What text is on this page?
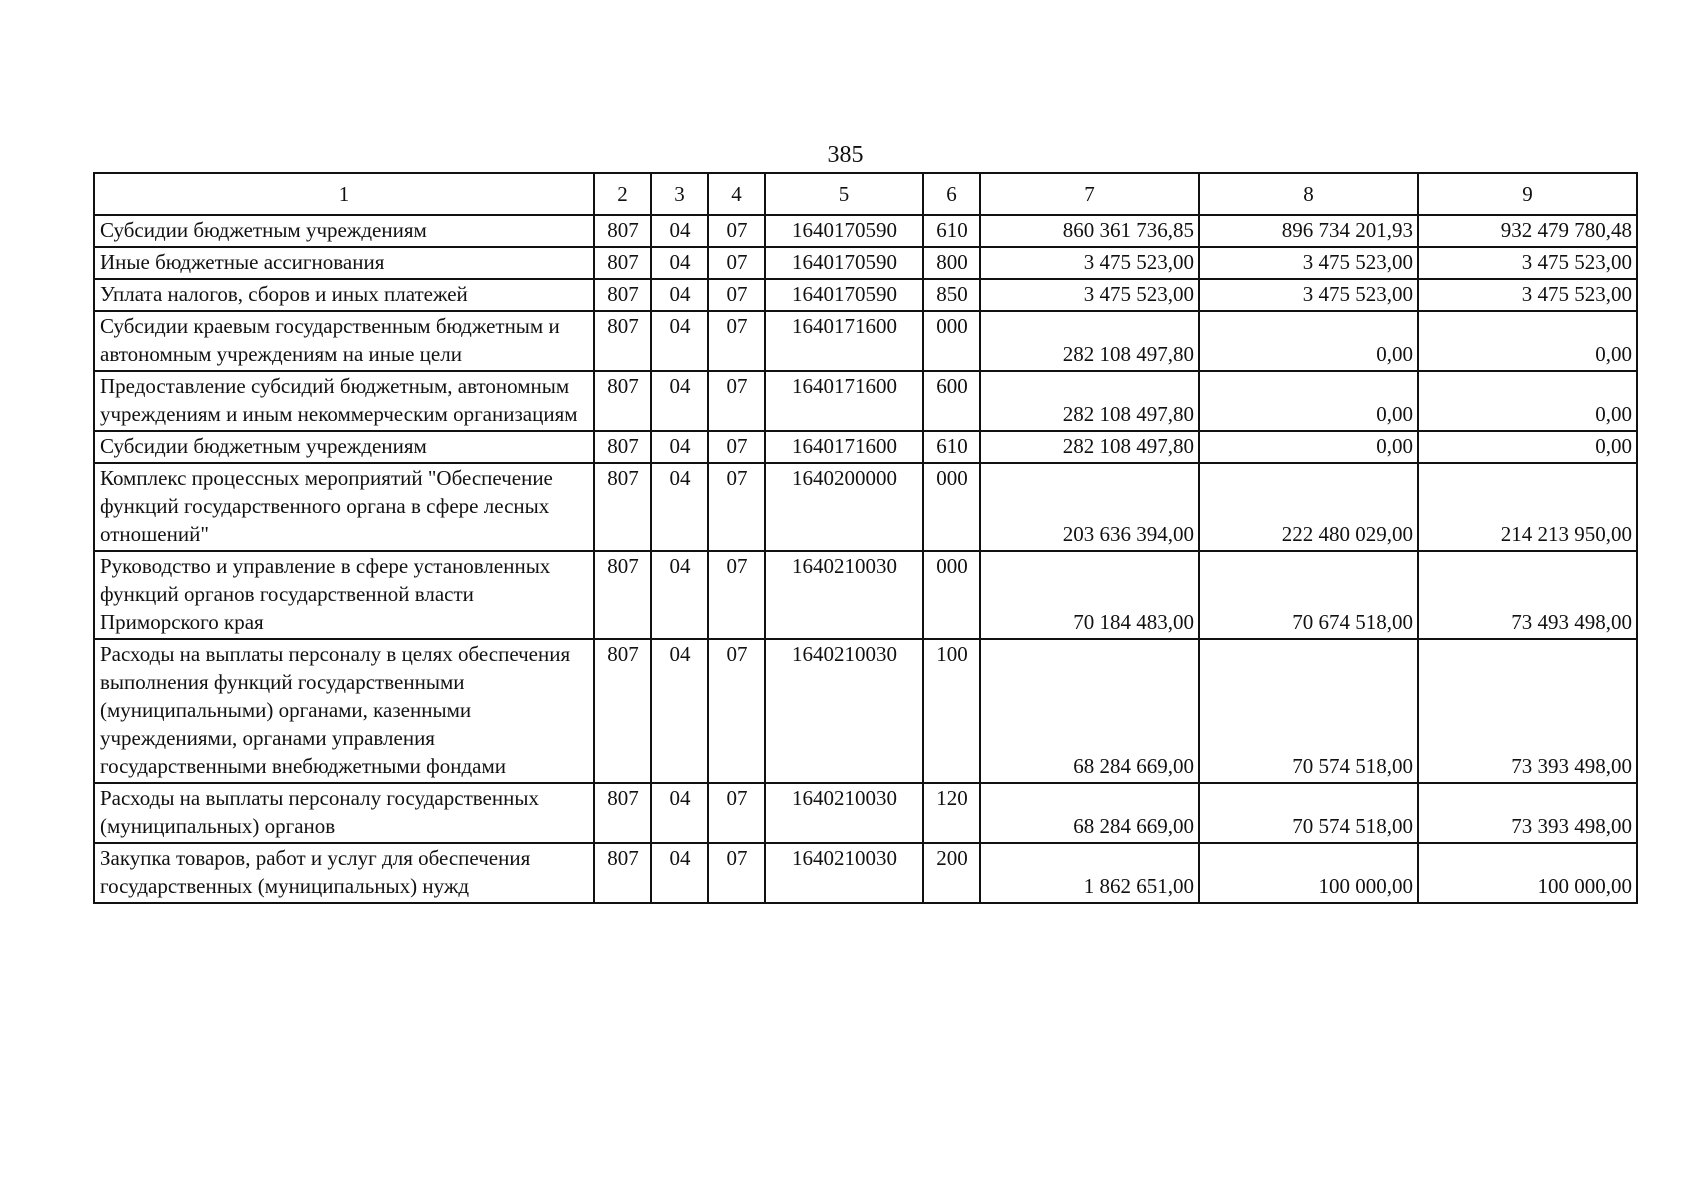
385
1	2	3	4	5	6	7	8	9
Субсидии бюджетным учреждениям	807	04	07	1640170590	610	860 361 736,85	896 734 201,93	932 479 780,48
Иные бюджетные ассигнования	807	04	07	1640170590	800	3 475 523,00	3 475 523,00	3 475 523,00
Уплата налогов, сборов и иных платежей	807	04	07	1640170590	850	3 475 523,00	3 475 523,00	3 475 523,00
Субсидии краевым государственным бюджетным и автономным учреждениям на иные цели	807	04	07	1640171600	000	282 108 497,80	0,00	0,00
Предоставление субсидий бюджетным, автономным учреждениям и иным некоммерческим организациям	807	04	07	1640171600	600	282 108 497,80	0,00	0,00
Субсидии бюджетным учреждениям	807	04	07	1640171600	610	282 108 497,80	0,00	0,00
Комплекс процессных мероприятий "Обеспечение функций государственного органа в сфере лесных отношений"	807	04	07	1640200000	000	203 636 394,00	222 480 029,00	214 213 950,00
Руководство и управление в сфере установленных функций органов государственной власти Приморского края	807	04	07	1640210030	000	70 184 483,00	70 674 518,00	73 493 498,00
Расходы на выплаты персоналу в целях обеспечения выполнения функций государственными (муниципальными) органами, казенными учреждениями, органами управления государственными внебюджетными фондами	807	04	07	1640210030	100	68 284 669,00	70 574 518,00	73 393 498,00
Расходы на выплаты персоналу государственных (муниципальных) органов	807	04	07	1640210030	120	68 284 669,00	70 574 518,00	73 393 498,00
Закупка товаров, работ и услуг для обеспечения государственных (муниципальных) нужд	807	04	07	1640210030	200	1 862 651,00	100 000,00	100 000,00
